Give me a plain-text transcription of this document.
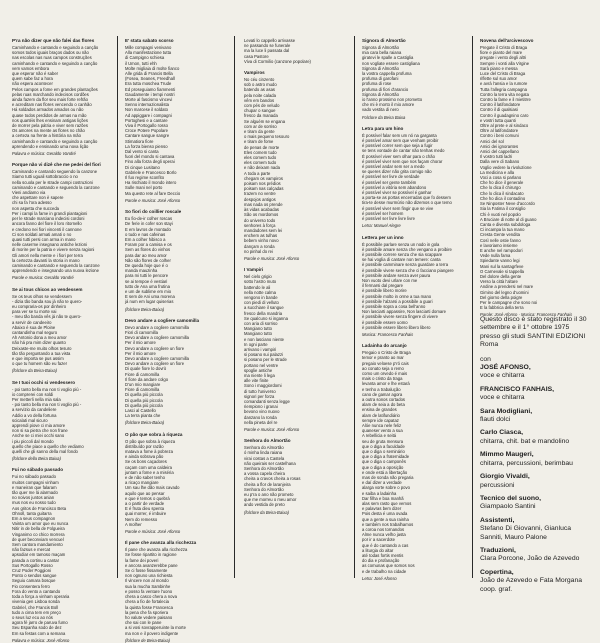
P'ra não dizer que não falei das flores
Caminhando e cantando e seguindo a canção
somos todos iguais braços dados ou não
nas escolas nas ruas campos construções
caminhando e cantando e seguindo a canção
vem vamos embora
que esperar não é saber
quem sabe faz a hora
não espera acontecer
Pelos campos a fome em grandes plantações
pelas ruas marchando indecisos cordões
ainda fazem da flor seu mais forte refrão
e acreditam nas flores vencendo o canhão
Há soldados armados amados ou não
quase todos perdidos de armas na mão
nos quartéis lhes ensinam antigas lições
de morrer pela pátria e viver sem razões
Os amores na mente as flores no chão
a certeza na frente a história na mão
caminhando e cantando e seguindo a canção
aprendendo e ensinando uma nova lição
Palavra e música: Geraldo Vandré
Porque não vi dizê che me pedei del fiori
Caminando e cantando seguendo la canzone
Siamo tutti uguali sottobraccio o no
nella scuola per le strade campi costruzioni
caminando e cantando e seguendo la canzone
Vieni andiamo via
che aspettare non è sapere
chi sa fa l'ora adesso
non aspetta che succeda
Per i campi la fame in grandi piantagioni
per le strade marciano indecisi cordoni
ancora fanno del fiore il loro ritornello
e credono nei fiori vincenti il cannone
Ci son soldati armati amati o no
quasi tutti persi con arma in mano
nelle caserme insegnano antiche lezioni
di morire per la patria e vivere senza ragioni
Gli amori nella mente e i fiori per terra
la certezza davanti la storia in mano
caminando e cantando e seguendo la canzone
apprendendo e insegnando una nuova lezione
Parole e musica: Geraldo Vandré
Se ai tous chicos ao vendessem
Se os teus olhos se vendessem
- dizia tão banda sou já não te quero-
eu compraria-os por dinheiro
para ver se tu morte vai
- meu tão banda vês já não te quero-
a servir de candeeiro
Abaixo é sua de Ploine
cantandinha mal seguro
Ah Antonio dona a meu amor
não há pra mim dizer quanto
Deixaste-me muito olhos tesuro
tão tão perguntando a tua vista
e que importa se pus assim
o que tu homem são eu fazer
(folclore da Beira-Baixa)
Se I tuoi occhi si vendessero
- poi tanto bella ma non ti voglio più -
io comprerei con soldi
Per metterli nella mia sala
- poi tanto bella ma non ti voglio più -
a servizio da candeliere
Addio a vo della fortuna
scicalati mal sicuro
apprendi piove ci mia amore
non si sa pietra che non frane
Anche se ci miei occhi sano
i piu piccoli dal mondo
quello che piace a quello che vediamo
quelli che gli sanno della mal fondo
(folclore della Beira Baixa)
Fui no sábado passado
Fui no sábado passado
muitos compagni vinham
e maneiran que falaram
tão quer me lá alarmado
no noivos juntos anian
mus nos eu nosso tudo
Aos gritos de Francisco Beta
Ohnoll, tanta guitarra
Em a seus compagnon
Vainta um amor que eu nunca
Nitir in de bella de Folgueira
Vinganimo co chico morrera
de quer beconviam vencuel
Sem cantora mandamiento
não fazsus e mercat
apsodiar em tamoso maçam
parada a cortinu a cantar
Sus Portogallo Rosso
Cruz Poder Poggioni
Ponto o sendos sangue
Seguiu camara bosque
Fio consentera ferro
Fora do vento a cantando
toda a força a vinham operaria
vivenia gen Lisboa sonda
Gabriel, che Francis Boll
tudo a cima tem em preço
o seus luz ecu ao nós
agora fé jarro de paruva fumo
Seu Espanha sodo de dez
Em sa festas com a semana
Palavra e música: José Afonso
E' stata sabato scorso
Mille compagni venivano
Alla manifestazione tutta
di Campigno schiesa
il Umon, tutti ehh
Molte migliaia di molte fianco
Alle grida di Francis Bella
(Fosea, Seanes, Freedhall
Era tutta moschea Trude
Ed proseguiamo fiammenti
Gaudamente i tempi nostri
Morte al fascismo vincevi
Senno internazionalista
Non marcese il soldato
Ad appiggare i compagni
Portoghesi e a cantare
Viva il Portogallo rosso
Croce Potere Popolare
Cantare sangue sangre
Stimatiora fiore
La forza bienso pienso
Dal vento si canta
fuori del mondo si cantava
Fino alla forza degli operai
Di cinque Lusitano
Gabriele e Francesco Borlo
Il fuo regime sconfito
Ha rischiato il mondo intero
Sulle mani nel porto
Ma questo rete al fare Deccio
Parole e musica: José Afonso
So fiori do coillier roscale
Eu fio-de-ir colher roscas
De ferie in cofer son stayi
E em lavros de montado
o tudo e nas cafeinas
Em a colher hibisco a
Foram por a camisa e os
Sem as flores do vinhos
para dar ao meu amor
Não são flores de colher
De queda hoje que é o
manda mauzinha
para mi tutti le pencore
se ai tempoe é vestiari
tutto de Ana uma frutina
e um de sublime em mio
E sem de Ani uma morena
já num em lugar quiserias
(folclore Beira-Baixa)
Devo andare a cogliere camomilla
Devo andare a cogliere camomilla
Fiori di camomilla
Devo andare a cogliere camomilla
Per il mio amore
Devo andare a cogliere un fiore
Per il mio amore
Devo andare a cogliere camomilla
Devo andare a cogliere un fiore
Di quale fiore lo dovrò
Fiore di camomilla
Il fiore da andare colgo
D'un mio mangiare
Fiore di camomilla
Di quella più piccola
Di quella più piccola
Di quella più piccola
Lasci al Castello
La terra pianta che
(folclore Beira-Baixa)
O pão que sobra à riqueza
O pão que sobra à riqueza
distribuído por razão
matava a fome à pobreza
e ainda sobrava pão
Se os bons caçadores
caçam com uma caldeira
juntam a fome e a miséria
e de não saber tenho
a ricaço mangiare
Um sau lhe dão mais cavado
aquilo que ao pensar
e que é temos o quebrá
a o partir de verdade
E é fruta dieu spenta
quai morrer, é imbuire
Nem do remesso
A molher
Parole e música: José Afonso
Il pane che avanza alla ricchezza
Il pane che avanza alla ricchezza
Se fosse ripartito in ragione
la fame dei poveri
e ancora avanzerebbe pane
Se ci fosse fissamente
non ognuno una richiesta
Il vincere non al mondo
sua la mucha Sambinhe
e posso fa ventare l'uono
chera a casco chera a nova
chera a fio de fortalecia
la quista fosse Francesca
la pena che fa sporiera
ho valute vedere paisano
che sai con le pane
a si vosi sovrapperuinte la morte
ma non e il povero indigente
(folclore de Beira-Baixa)
Levati lo cappello arrivasse
ne passando se funerale
ma la luce li passata dal
casa Pastore
Viva di Cormilio (canzone popolare)
Vampiros
No céu cinzento
sob o astro mudo
batendo as asas
pela noite calada
vêm em bandos
com pés de veludo
chupar o sangue
fresco da manada
Se alguém se engana
com ar de sorriso
e tiram da gente
o mais pequeno tesouro
e tiram de fome
de penas de morte
Eles comem tudo
eles comem tudo
eles comem tudo
e não deixam nada
A toda a parte
chegam os vampiros
poisam nos prédios
poisam nas calçadas
trazem no ventre
despojos antigos
mas nada os prende
às vidas acabadas
São os mordomos
do universo todo
senhores à força
mandadores sem lei
enchem as tulhas
bebem vinho novo
dançam a ronda
no pinhal do rei
Parole e musica: José Afonso
I Vampiri
Nel cielo grigio
sotto l'astro muto
battendo le ali
nella notte calma
vengono in bande
con piedi di velluto
a succhiare il sangue
fresco della mandria
Se qualcuno si inganna
con aria di sorriso
Mangiano tutto
Mangiano tutto
e non lasciano niente
In ogni parte
arrivano i vampiri
si posano sui palazzi
si posano per le strade
portano nel ventre
spoglie antiche
ma niente li lega
alle vite finite
Sono i maggiordomi
di tutto l'universo
signori per forza
comandanti senza legge
riempiono i granai
bevono vino nuovo
danzano la ronda
nella pineta del re
Parole e musica: José Afonso
Senhora do Almortão
Senhora do Almortão
ó minha linda raiana
virai costas a Castela
não queirais ser castelhana
Senhora do Almortão
a vossa capela cheira
cheira a cravos cheira a rosas
cheira a flor de laranjeira
Senhora do Almortão
eu p'ra o ano não prometo
que me morreu o meu amor
ando vestida de preto
(folclore da Beira-Baixa)
Signora di Almortão
Signora di Almortão
mia cara bella raiana
giratevi le spalle a Castiglia
non vogliate essere castigliana
Signora di Almortão
la vostra cappella profuma
profuma di garofani
profuma di rose
profuma di fiori d'arancio
Signora di Almortão
io l'anno prossimo non prometto
che mi è morto il mio amore
vado vestita di nero
Folclore da Beira Baixa
Letra para um hino
É possível falar sem um nó na garganta
é possível amar sem que venham proibir
é possível correr sem que seja a fugir
se tens vontade de cantar não tenhas medo
É possível viver sem olhar para o chão
é possível viver sem que nos façam chorar
é possível andar sem ser a medo
se queres dizer não grita comigo não
é possível ser livre de verdade
é possível ser gente também
é possível a vitória sem abandono
é possível viver se possível é ganhar
a porta-se as portas encerradas que fo dessem
tira-te desse murmúrio não dizemos o que temo
é possível viver sem fingir que se vive
é possível ser homem
é possível ser livre livre livre
Letra: Manuel Alegre
Lettera per un inno
È possibile parlare senza un nodo in gola
è possibile amare senza che vengano a proibire
è possibile correre senza che sia scappare
se hai voglia di cantare non temere: canta
è possibile camminare senza guardare a terra
è possibile vivere senza che ci facciano piangere
è possibile andare senza aver paura
Non vuoto devi urlare con me
il fermarsi dal pregare
è possibile libero morire
è possibile molto in orme a tua mano
è possibile l'alzarsi a possibile a guari
è possibile sopra a cosa bell'anno
Non lasciarti appassire, Non lasciarti domare
è possibile vivere senza fingere di vivere
è possibile essere uomo
è possibile essere libero libero libero
Musica: Francesco Fanhais
Ladainha do arcanjo
Pregaio o Cristo de Braga
temor e pranto ao mar
pregaio veloese p'ró cais
ao conato seja o remo
como um orvedo é mais
mais o cristo da traga
levanta amor e lhe estará
e tenho a trabalução
cano de gamar agora
a outra sonos cortados
alam de seia a do beta
ensina de grandes
alam de latifundiário
sempre ide capataz
Alóe nunca nele feliz
quaneser vento a sua
A rebellicia e seitá
seu de gruta mensura
que o diga a faculdade
que o diga o seminário
que o diga a fraternidade
que o diga o camponês
que o diga a oposição
e onde está a libertação
mas de sonda não pregaria
e daí dizer a verdade
alarga vorte sobre o povo
e saiba a ladainha
Dar filha e boa manhã
alas sem rasto que vemos
e palavras bem dizer
Pois desta é uma ovada
que a gente a sua rainha
e também nos trabalhamos
a coroa nos tornandos
Alme nunca velho jasta
por ir a sacerdote
que é do cantando a cas
a liturgia do altar
até todas fortis mentis
do dia e profanação
as comunas que somos nos
e de trabalho na cidade
Letra: José Afonso
Novena dell'arcivescovo
Pregate il Cristo di Braga
fiore e pianto del mare
pregate i vento degli altri
Sempre i vonti alla Virgine
Sarà piano e messa
Luce del Cristo di Braga
riflette sul suo amor
e avrà l'ansia e la rumore
Tutta l'allegria campagna
Contro la terra vita negata
Contro la fame e il mietitrre
Contro il latifondatore
Contro il di qualsiasi
Contro il guadagnino caro
e vostri tutta quanti
Oltre al prete e al sindaco
Oltre al latifondatore
Contro i beni comuni
Amici del sol
Amici dei ignorantes
Amici del cappellano
Il vostro tutti ladri
Dalla vere di Sabano
Voglio vedere la rivoluzione
La medicina e alla
Voci a cosa si parlano
Che ho dice il generale
Che lo dica il chirurgo
Che lo dica il sindacato
Che ho dica il contadino
Se Ninposter Neve d'accordo
Sia la Fatima il consiglio
Chi è vuoti nel popolo
A Bruciare di notte al di guano
Canta e diventa subdologa
Ci incampa la tua mano
Cresta Gente vendita
Così nelle ostie fanno
e lavoriamo insieme
E anche nel rampodori
Vede nulla fama
Spiedante vanno legi
Mani sul la santagrfeve
O Carnevale si tappella
Del dolore della gente
Verso la città l'altare
Andine a prendersi nel mare
Gimino del legno d'uomini
Del giorno della poigre
Per le campagne che sono noi
E la fabbrica della terra
Parole: José Afonso · Musica: Francesco Fanhais

Questo disco è stato registrato il 30 settembre e il 1° ottobre 1975 presso gli studi SANTINI EDIZIONI Roma

con

JOSÉ AFONSO,

voce e chitarra

FRANCISCO FANHAIS,

voce e chitarra

Sara Modigliani,

flauti dolci

Carlo Ciasca,

chitarra, chit. bat e mandolino

Mimmo Maugeri,

chitarra, percussioni, berimbau

Giorgio Vivaldi,

percussioni

Tecnico del suono,

Giampaolo Santini

Assistenti,

Stefano Di Giovanni, Gianluca Sanniti, Mauro Palone

Traduzioni,

Clara Porcone, João de Azevedo

Copertina,

João de Azevedo e Fata Morgana coop. graf.
